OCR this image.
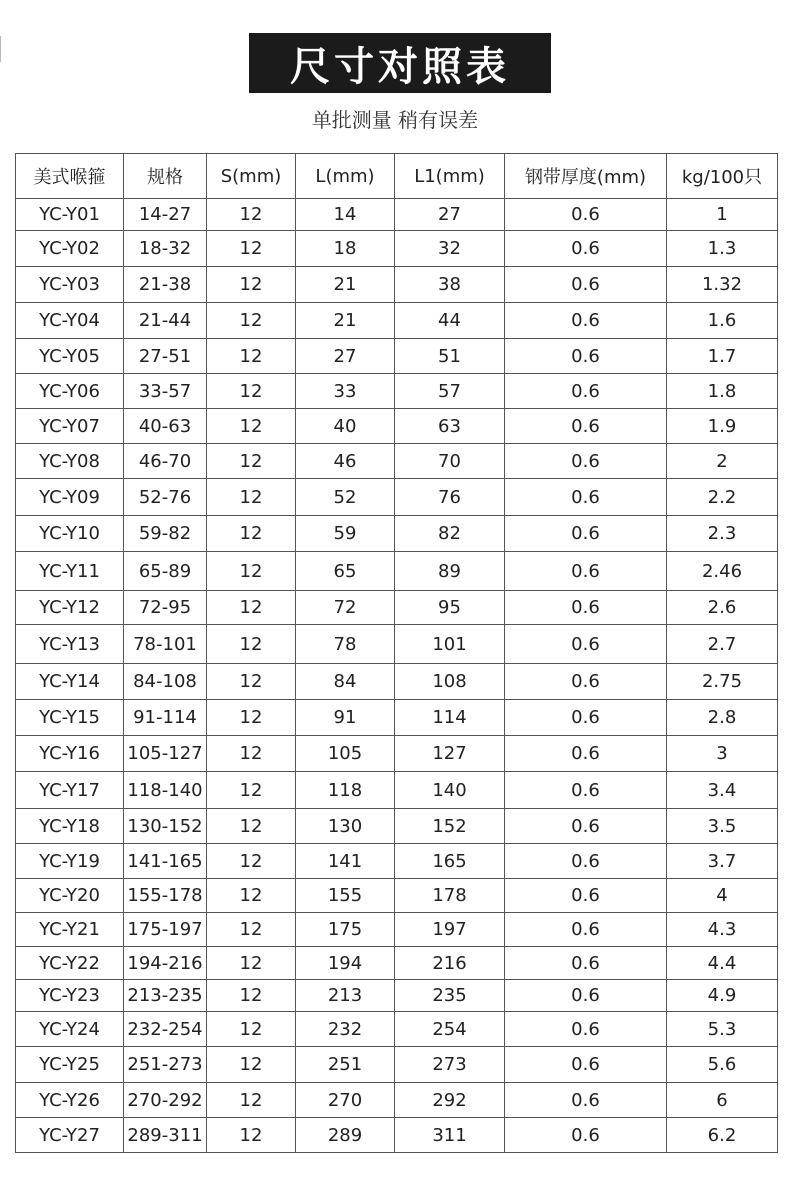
尺寸对照表
单批测量 稍有误差
美式喉箍	规格	S(mm)	L(mm)	L1(mm)	钢带厚度(mm)	kg/100只
YC-Y01	14-27	12	14	27	0.6	1
YC-Y02	18-32	12	18	32	0.6	1.3
YC-Y03	21-38	12	21	38	0.6	1.32
YC-Y04	21-44	12	21	44	0.6	1.6
YC-Y05	27-51	12	27	51	0.6	1.7
YC-Y06	33-57	12	33	57	0.6	1.8
YC-Y07	40-63	12	40	63	0.6	1.9
YC-Y08	46-70	12	46	70	0.6	2
YC-Y09	52-76	12	52	76	0.6	2.2
YC-Y10	59-82	12	59	82	0.6	2.3
YC-Y11	65-89	12	65	89	0.6	2.46
YC-Y12	72-95	12	72	95	0.6	2.6
YC-Y13	78-101	12	78	101	0.6	2.7
YC-Y14	84-108	12	84	108	0.6	2.75
YC-Y15	91-114	12	91	114	0.6	2.8
YC-Y16	105-127	12	105	127	0.6	3
YC-Y17	118-140	12	118	140	0.6	3.4
YC-Y18	130-152	12	130	152	0.6	3.5
YC-Y19	141-165	12	141	165	0.6	3.7
YC-Y20	155-178	12	155	178	0.6	4
YC-Y21	175-197	12	175	197	0.6	4.3
YC-Y22	194-216	12	194	216	0.6	4.4
YC-Y23	213-235	12	213	235	0.6	4.9
YC-Y24	232-254	12	232	254	0.6	5.3
YC-Y25	251-273	12	251	273	0.6	5.6
YC-Y26	270-292	12	270	292	0.6	6
YC-Y27	289-311	12	289	311	0.6	6.2
